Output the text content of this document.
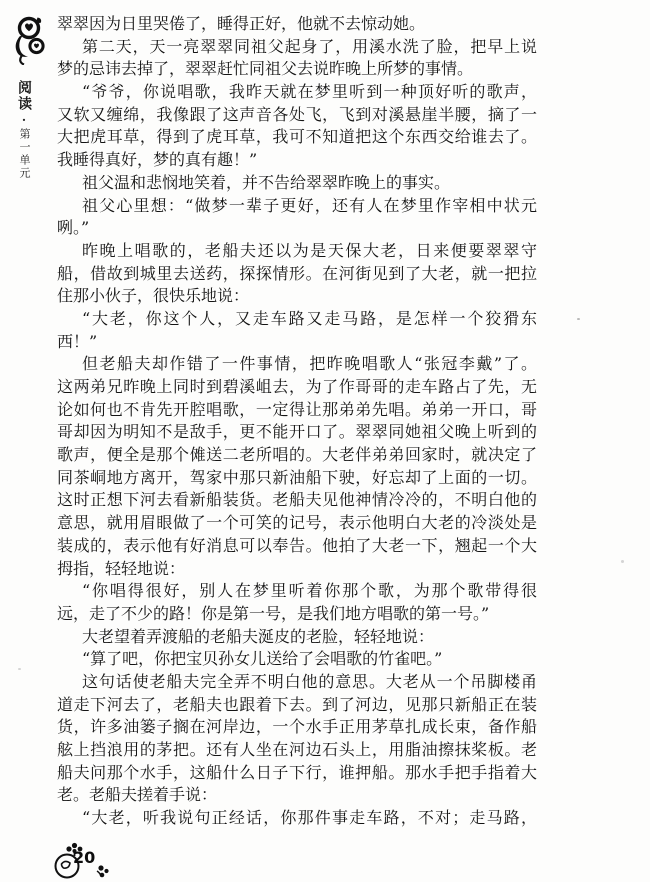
阅读·第一单元
翠翠因为日里哭倦了，睡得正好，他就不去惊动她。
第二天，天一亮翠翠同祖父起身了，用溪水洗了脸，把早上说
梦的忌讳去掉了，翠翠赶忙同祖父去说昨晚上所梦的事情。
“爷爷，你说唱歌，我昨天就在梦里听到一种顶好听的歌声，
又软又缠绵，我像跟了这声音各处飞，飞到对溪悬崖半腰，摘了一
大把虎耳草，得到了虎耳草，我可不知道把这个东西交给谁去了。
我睡得真好，梦的真有趣！”
祖父温和悲悯地笑着，并不告给翠翠昨晚上的事实。
祖父心里想：“做梦一辈子更好，还有人在梦里作宰相中状元
咧。”
昨晚上唱歌的，老船夫还以为是天保大老，日来便要翠翠守
船，借故到城里去送药，探探情形。在河街见到了大老，就一把拉
住那小伙子，很快乐地说：
“大老，你这个人，又走车路又走马路，是怎样一个狡猾东
西！”
但老船夫却作错了一件事情，把昨晚唱歌人“张冠李戴”了。
这两弟兄昨晚上同时到碧溪岨去，为了作哥哥的走车路占了先，无
论如何也不肯先开腔唱歌，一定得让那弟弟先唱。弟弟一开口，哥
哥却因为明知不是敌手，更不能开口了。翠翠同她祖父晚上听到的
歌声，便全是那个傩送二老所唱的。大老伴弟弟回家时，就决定了
同茶峒地方离开，驾家中那只新油船下驶，好忘却了上面的一切。
这时正想下河去看新船装货。老船夫见他神情冷冷的，不明白他的
意思，就用眉眼做了一个可笑的记号，表示他明白大老的冷淡处是
装成的，表示他有好消息可以奉告。他拍了大老一下，翘起一个大
拇指，轻轻地说：
“你唱得很好，别人在梦里听着你那个歌，为那个歌带得很
远，走了不少的路！你是第一号，是我们地方唱歌的第一号。”
大老望着弄渡船的老船夫涎皮的老脸，轻轻地说：
“算了吧，你把宝贝孙女儿送给了会唱歌的竹雀吧。”
这句话使老船夫完全弄不明白他的意思。大老从一个吊脚楼甬
道走下河去了，老船夫也跟着下去。到了河边，见那只新船正在装
货，许多油篓子搁在河岸边，一个水手正用茅草扎成长束，备作船
舷上挡浪用的茅把。还有人坐在河边石头上，用脂油擦抹桨板。老
船夫问那个水手，这船什么日子下行，谁押船。那水手把手指着大
老。老船夫搓着手说：
“大老，听我说句正经话，你那件事走车路，不对；走马路，
20
